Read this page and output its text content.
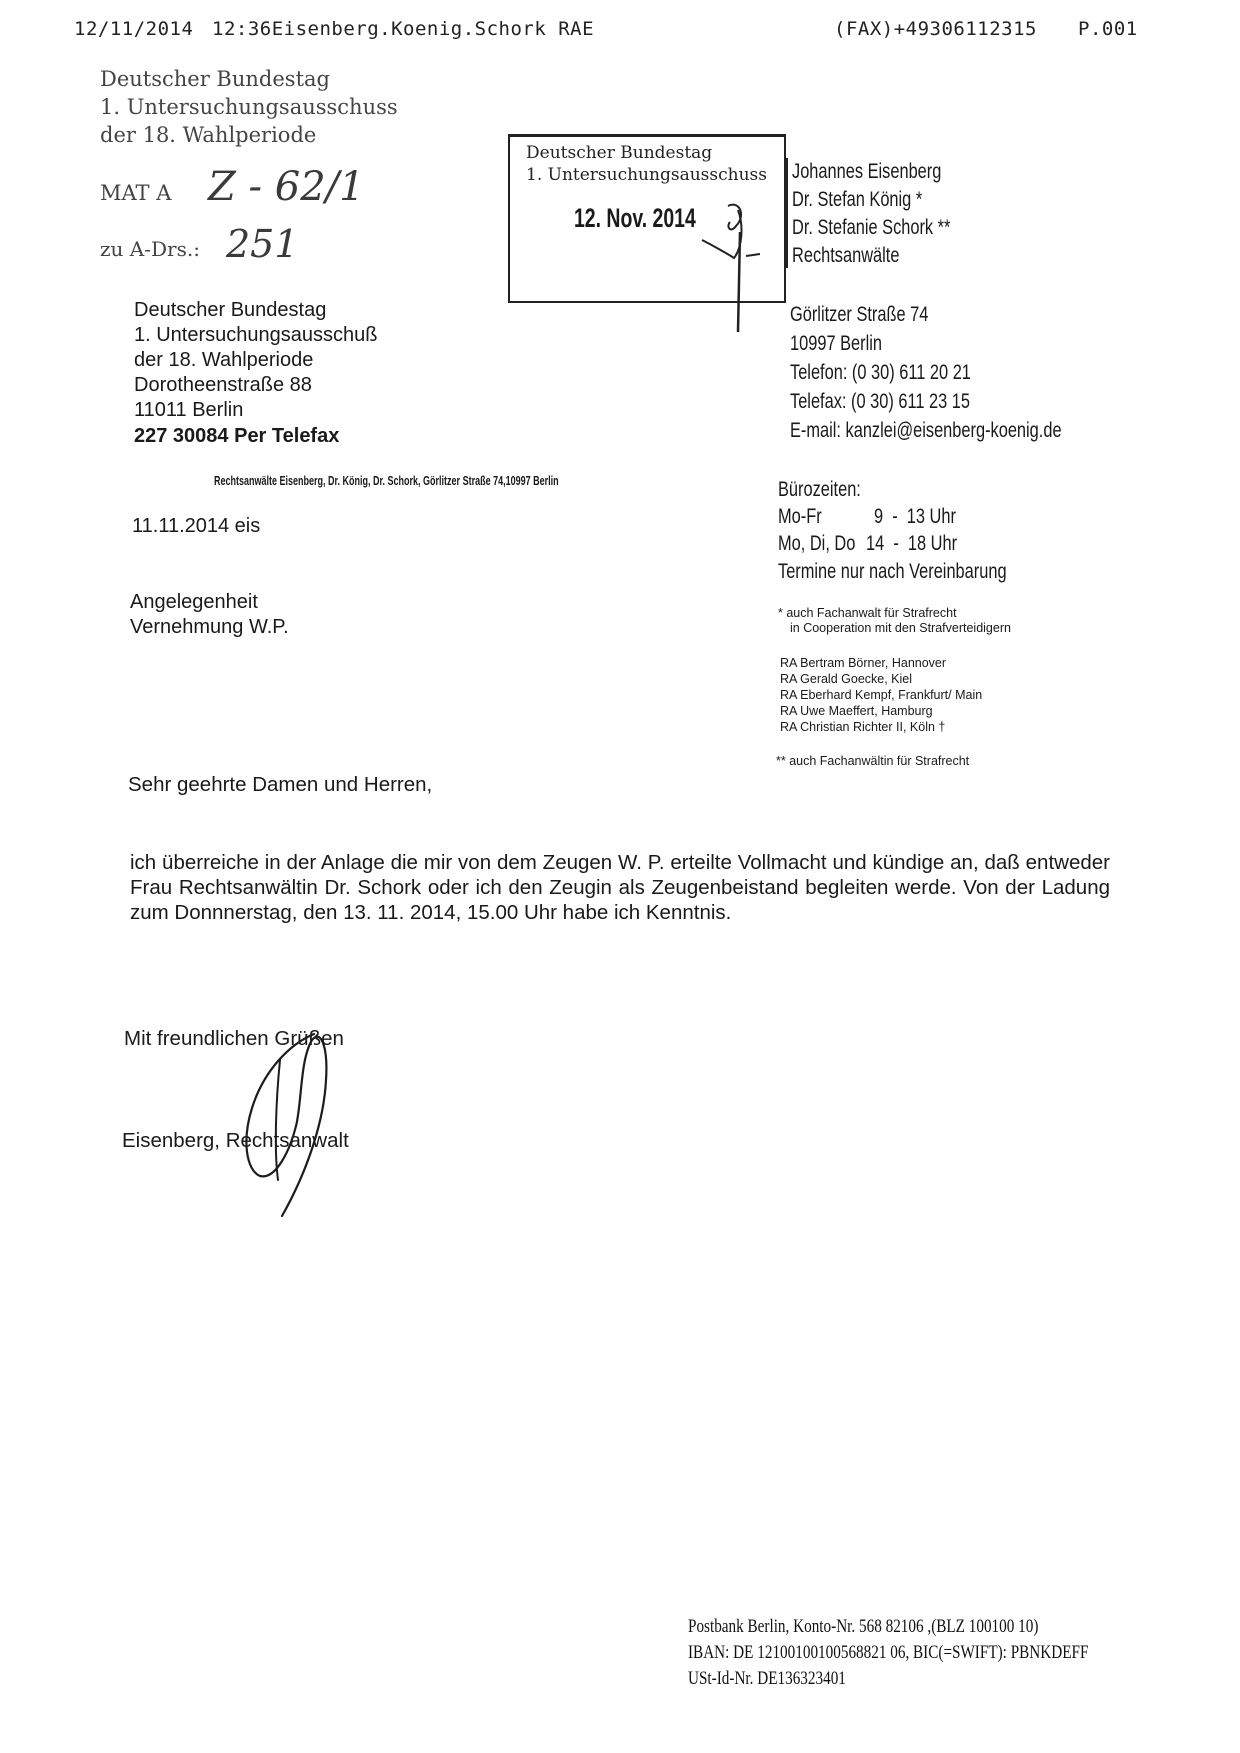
12/11/2014 12:36Eisenberg.Koenig.Schork RAE	(FAX)+49306112315 P.001
Deutscher Bundestag
1. Untersuchungsausschuss
der 18. Wahlperiode
MAT A Z - 62/1
zu A-Drs.: 251
Deutscher Bundestag
1. Untersuchungsausschuss
12. Nov. 2014
Deutscher Bundestag
1. Untersuchungsausschuß
der 18. Wahlperiode
Dorotheenstraße 88
11011 Berlin
227 30084 Per Telefax
Rechtsanwälte Eisenberg, Dr. König, Dr. Schork, Görlitzer Straße 74,10997 Berlin
11.11.2014 eis
Angelegenheit
Vernehmung W.P.
Johannes Eisenberg
Dr. Stefan König *
Dr. Stefanie Schork **
Rechtsanwälte
Görlitzer Straße 74
10997 Berlin
Telefon: (0 30) 611 20 21
Telefax: (0 30) 611 23 15
E-mail: kanzlei@eisenberg-koenig.de
Bürozeiten:
Mo-Fr 9  -  13 Uhr
Mo, Di, Do 14  -  18 Uhr
Termine nur nach Vereinbarung
* auch Fachanwalt für Strafrecht
in Cooperation mit den Strafverteidigern
RA Bertram Börner, Hannover
RA Gerald Goecke, Kiel
RA Eberhard Kempf, Frankfurt/ Main
RA Uwe Maeffert, Hamburg
RA Christian Richter II, Köln †
** auch Fachanwältin für Strafrecht
Sehr geehrte Damen und Herren,
ich überreiche in der Anlage die mir von dem Zeugen W. P. erteilte Vollmacht und kündige an, daß entweder Frau Rechtsanwältin Dr. Schork oder ich den Zeugin als Zeugenbeistand begleiten werde. Von der Ladung zum Donnnerstag, den 13. 11. 2014, 15.00 Uhr habe ich Kenntnis.
Mit freundlichen Grüßen
Eisenberg, Rechtsanwalt
Postbank Berlin, Konto-Nr. 568 82106 ,(BLZ 100100 10)
IBAN: DE 12100100100568821 06, BIC(=SWIFT): PBNKDEFF
USt-Id-Nr. DE136323401
